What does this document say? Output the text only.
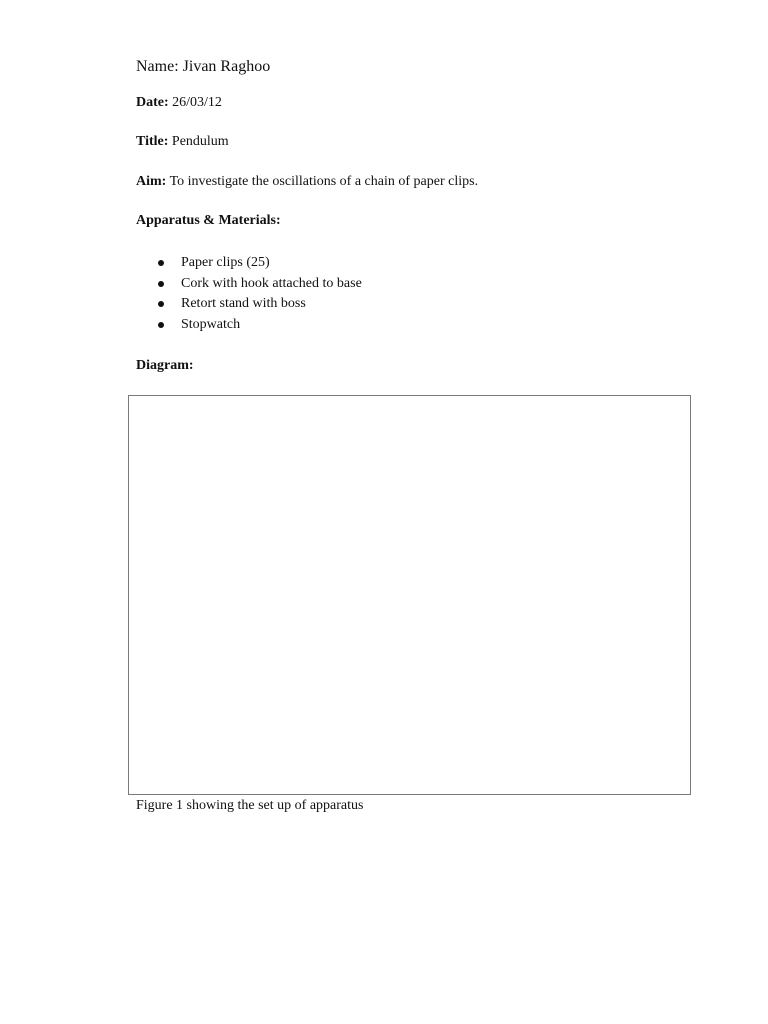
Name: Jivan Raghoo
Date: 26/03/12
Title: Pendulum
Aim: To investigate the oscillations of a chain of paper clips.
Apparatus & Materials:
Paper clips (25)
Cork with hook attached to base
Retort stand with boss
Stopwatch
Diagram:
Figure 1 showing the set up of apparatus
